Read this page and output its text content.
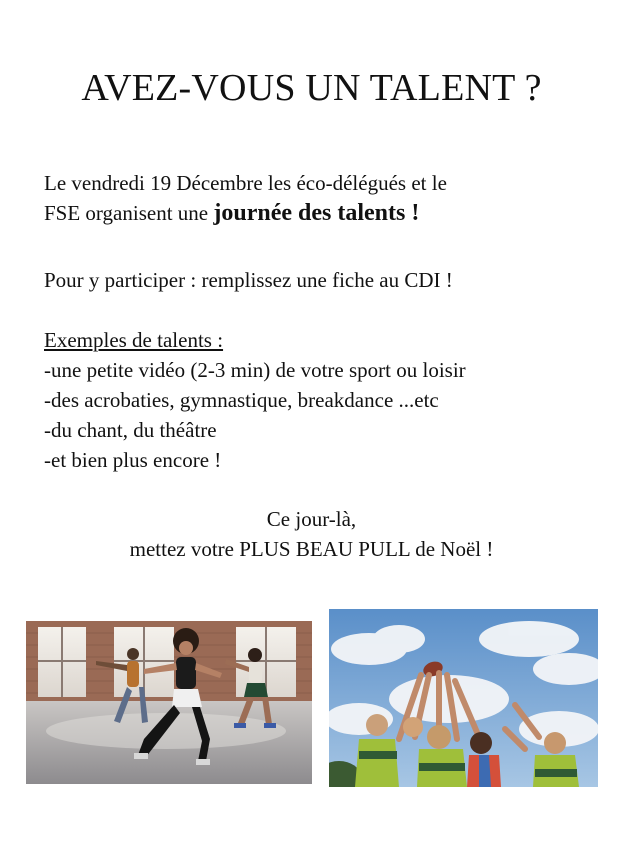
AVEZ-VOUS UN TALENT ?
Le vendredi 19 Décembre les éco-délégués et le
FSE organisent une journée des talents !
Pour y participer : remplissez une fiche au CDI !
Exemples de talents :
-une petite vidéo (2-3 min) de votre sport ou loisir
-des acrobaties, gymnastique, breakdance ...etc
-du chant, du théâtre
-et bien plus encore !
Ce jour-là,
mettez votre PLUS BEAU PULL de Noël !
